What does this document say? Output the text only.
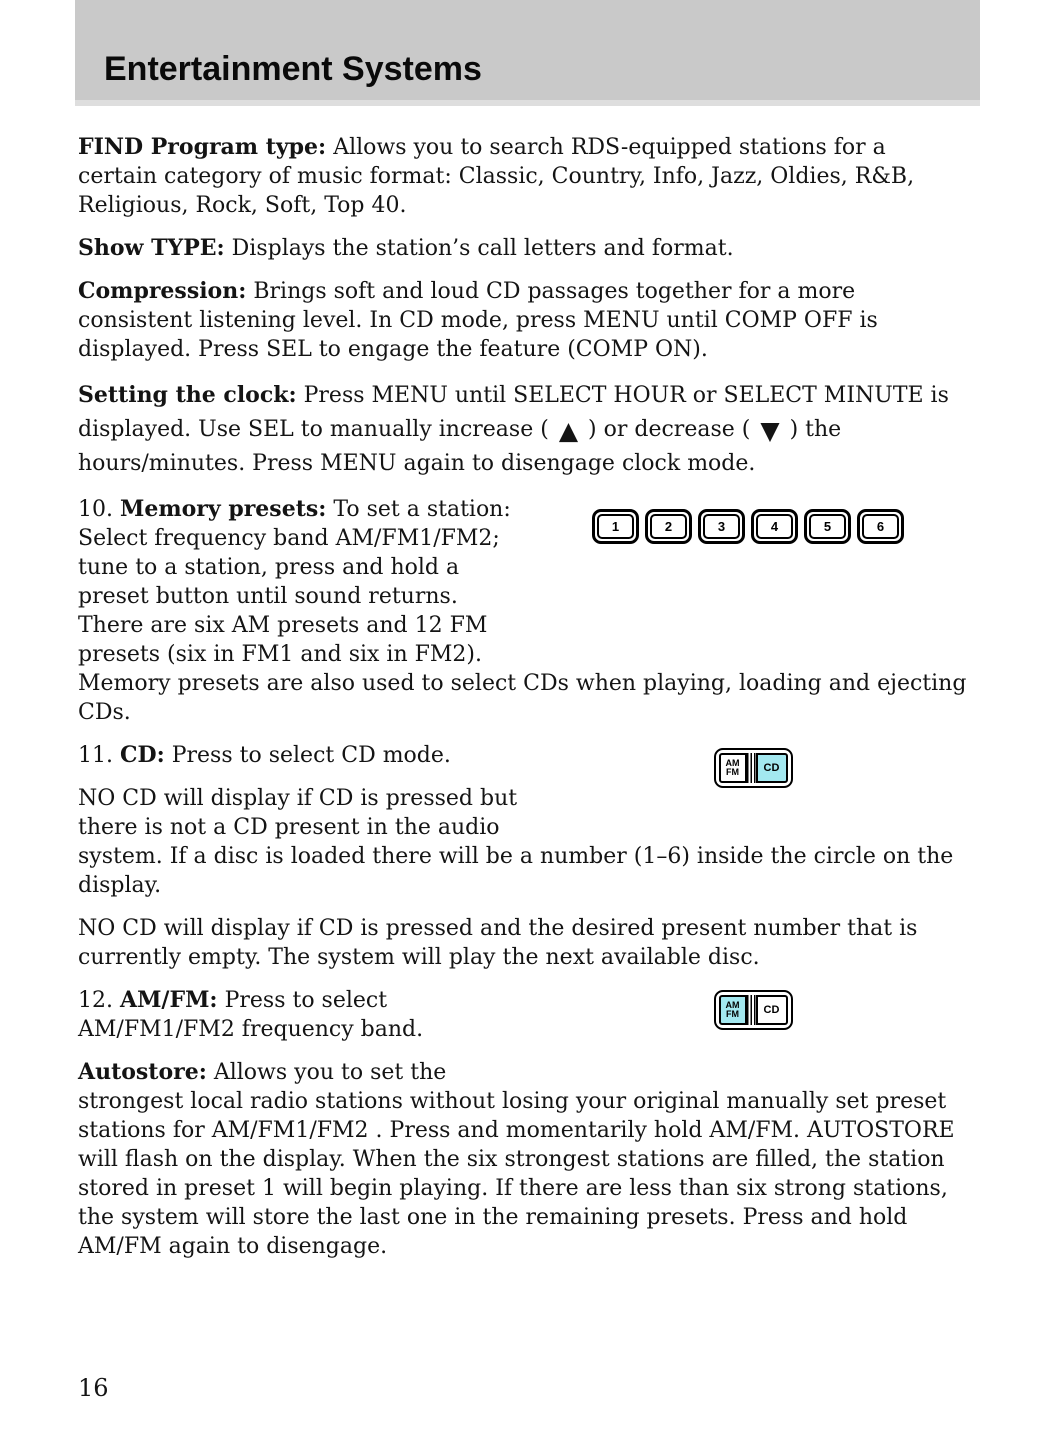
Entertainment Systems
FIND Program type: Allows you to search RDS-equipped stations for a certain category of music format: Classic, Country, Info, Jazz, Oldies, R&B, Religious, Rock, Soft, Top 40.
Show TYPE: Displays the station’s call letters and format.
Compression: Brings soft and loud CD passages together for a more consistent listening level. In CD mode, press MENU until COMP OFF is displayed. Press SEL to engage the feature (COMP ON).
Setting the clock: Press MENU until SELECT HOUR or SELECT MINUTE is displayed. Use SEL to manually increase ( ▲ ) or decrease ( ▼ ) the hours/minutes. Press MENU again to disengage clock mode.
1	2	3	4	5	6
10. Memory presets: To set a station: Select frequency band AM/FM1/FM2; tune to a station, press and hold a preset button until sound returns.
There are six AM presets and 12 FM presets (six in FM1 and six in FM2).
Memory presets are also used to select CDs when playing, loading and ejecting CDs.
AM
FM	CD
11. CD: Press to select CD mode.
NO CD will display if CD is pressed but there is not a CD present in the audio system. If a disc is loaded there will be a number (1–6) inside the circle on the display.
NO CD will display if CD is pressed and the desired present number that is currently empty. The system will play the next available disc.
AM
FM	CD
12. AM/FM: Press to select AM/FM1/FM2 frequency band.
Autostore: Allows you to set the strongest local radio stations without losing your original manually set preset stations for AM/FM1/FM2 . Press and momentarily hold AM/FM. AUTOSTORE will flash on the display. When the six strongest stations are filled, the station stored in preset 1 will begin playing. If there are less than six strong stations, the system will store the last one in the remaining presets. Press and hold AM/FM again to disengage.
16
